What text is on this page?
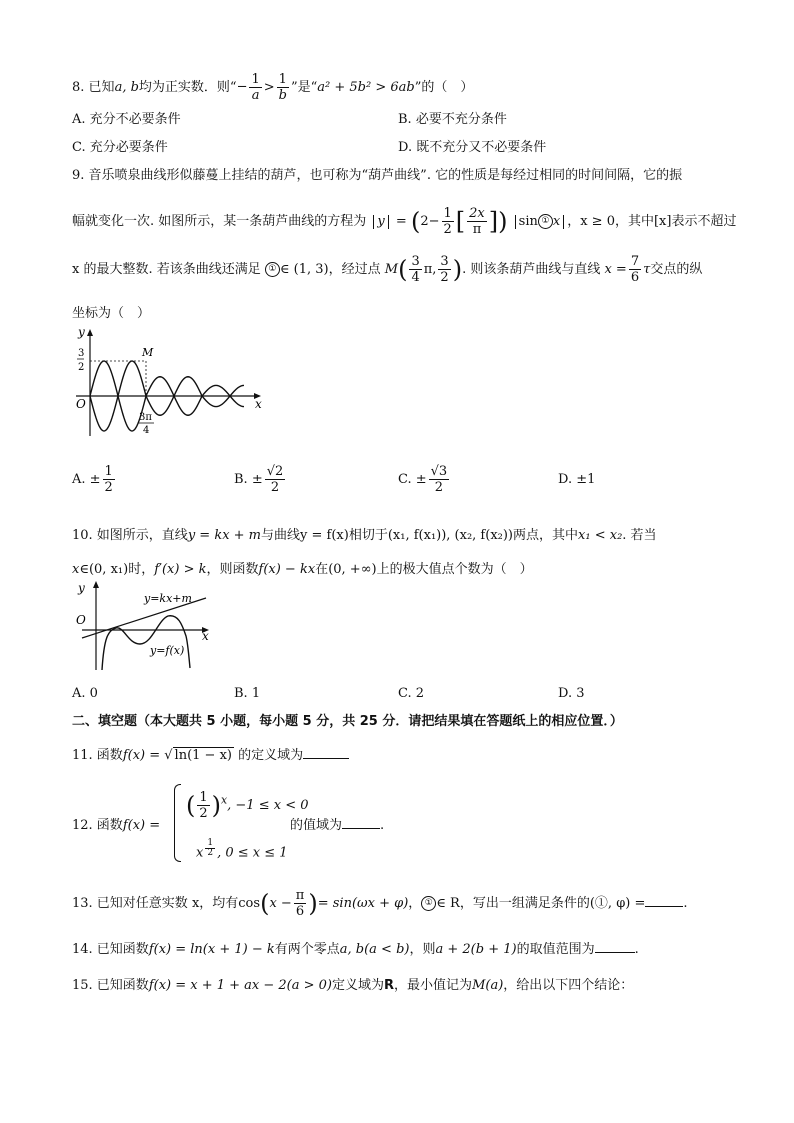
8. 已知a, b均为正实数．则“− $\frac{1}{a} > \frac{1}{b}$ ”是“a² + 5b² > 6ab”的（　）
A. 充分不必要条件	B. 必要不充分条件
C. 充分必要条件	D. 既不充分又不必要条件
9. 音乐喷泉曲线形似藤蔓上挂结的葫芦，也可称为“葫芦曲线”. 它的性质是每经过相同的时间间隔，它的振
幅就变化一次. 如图所示，某一条葫芦曲线的方程为 $y = (2- \frac{1}{2}$ [ $\frac{2x}{\pi}$ ]) sin ① x ，x ≥ 0，其中[x]表示不超过
x 的最大整数. 若该条曲线还满足 ① ∈ (1, 3)，经过点 $M( \frac{3}{4} \pi$, $\frac{3}{2}$ ). 则该条葫芦曲线与直线 $x = \frac{7}{6}$ τ交点的纵
坐标为（　）
y
x
O
3
2
M
3π
4
A. ± $\frac{1}{2}$	B. ± $\frac{√2}{2}$	C. ± $\frac{√3}{2}$	D. ±1
10. 如图所示，直线y = kx + m与曲线y = f(x)相切于(x₁, f(x₁)), (x₂, f(x₂))两点，其中x₁ < x₂. 若当
x∈(0, x₁)时，f′(x) > k，则函数f(x) − kx在(0, +∞)上的极大值点个数为（　）
y
x
O
y=kx+m
y=f(x)
A. 0	B. 1	C. 2	D. 3
二、填空题（本大题共 5 小题，每小题 5 分，共 25 分．请把结果填在答题纸上的相应位置．）
11. 函数f(x) = √ ln(1 − x) 的定义域为
12. 函数f(x) =
( $\frac{1}{2} )^x$, −1 ≤ x < 0
x $^{\frac{1}{2}}$ , 0 ≤ x ≤ 1
的值域为	.
13. 已知对任意实数 x，均有$\cos(x - \frac{\pi}{6}$ )= sin(ωx + φ)， ① ∈ R，写出一组满足条件的(①, φ) =	.
14. 已知函数f(x) = ln(x + 1) − k有两个零点a, b(a < b)，则a + 2(b + 1)的取值范围为	.
15. 已知函数f(x) = x + 1 + ax − 2(a > 0)定义域为R，最小值记为M(a)，给出以下四个结论：
